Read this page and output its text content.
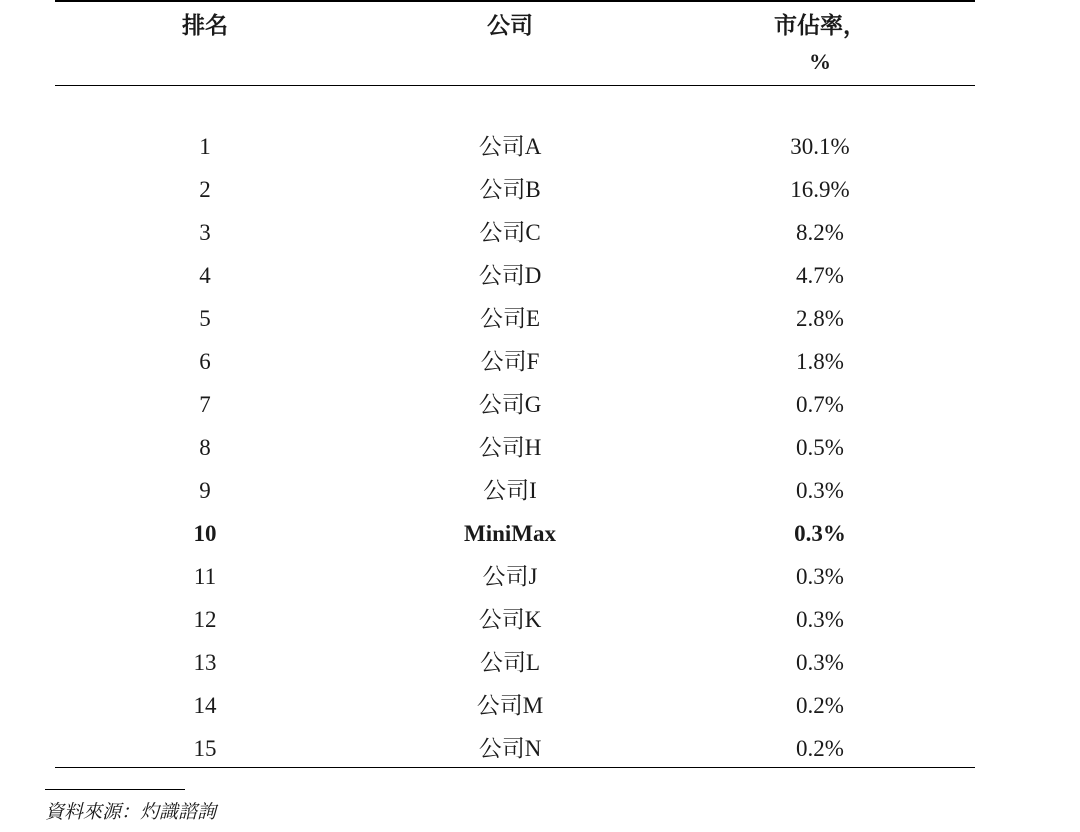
排名	公司	市佔率，
%

1	公司A	30.1%
2	公司B	16.9%
3	公司C	8.2%
4	公司D	4.7%
5	公司E	2.8%
6	公司F	1.8%
7	公司G	0.7%
8	公司H	0.5%
9	公司I	0.3%
10	MiniMax	0.3%
11	公司J	0.3%
12	公司K	0.3%
13	公司L	0.3%
14	公司M	0.2%
15	公司N	0.2%
資料來源：灼識諮詢
